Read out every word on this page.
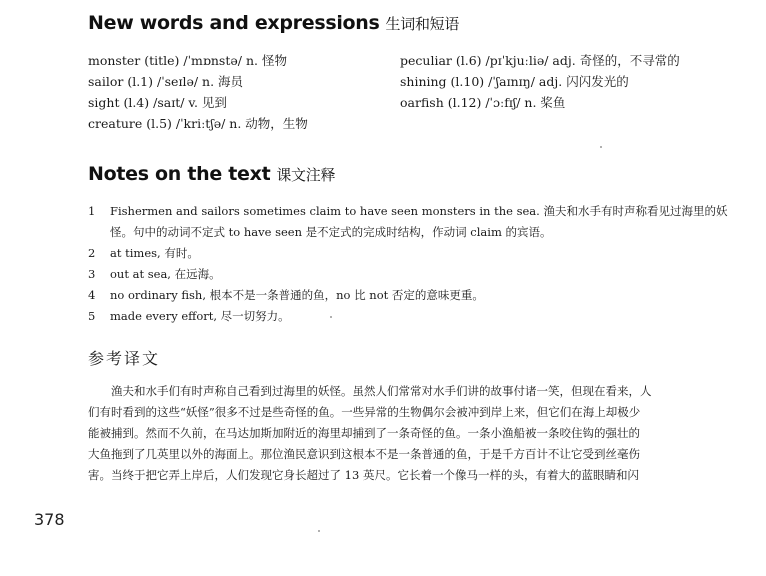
New words and expressions 生词和短语
monster (title) /ˈmɒnstə/ n. 怪物
sailor (l.1) /ˈseɪlə/ n. 海员
sight (l.4) /saɪt/ v. 见到
creature (l.5) /ˈkriːtʃə/ n. 动物，生物
peculiar (l.6) /pɪˈkjuːliə/ adj. 奇怪的，不寻常的
shining (l.10) /ˈʃaɪnɪŋ/ adj. 闪闪发光的
oarfish (l.12) /ˈɔːfɪʃ/ n. 桨鱼
Notes on the text 课文注释
1 Fishermen and sailors sometimes claim to have seen monsters in the sea. 渔夫和水手有时声称看见过海里的妖
怪。句中的动词不定式 to have seen 是不定式的完成时结构，作动词 claim 的宾语。
2 at times, 有时。
3 out at sea, 在远海。
4 no ordinary fish, 根本不是一条普通的鱼，no 比 not 否定的意味更重。
5 made every effort, 尽一切努力。
参考译文
渔夫和水手们有时声称自己看到过海里的妖怪。虽然人们常常对水手们讲的故事付诸一笑，但现在看来，人
们有时看到的这些“妖怪”很多不过是些奇怪的鱼。一些异常的生物偶尔会被冲到岸上来，但它们在海上却极少
能被捕到。然而不久前，在马达加斯加附近的海里却捕到了一条奇怪的鱼。一条小渔船被一条咬住钩的强壮的
大鱼拖到了几英里以外的海面上。那位渔民意识到这根本不是一条普通的鱼，于是千方百计不让它受到丝毫伤
害。当终于把它弄上岸后，人们发现它身长超过了 13 英尺。它长着一个像马一样的头，有着大的蓝眼睛和闪
378
